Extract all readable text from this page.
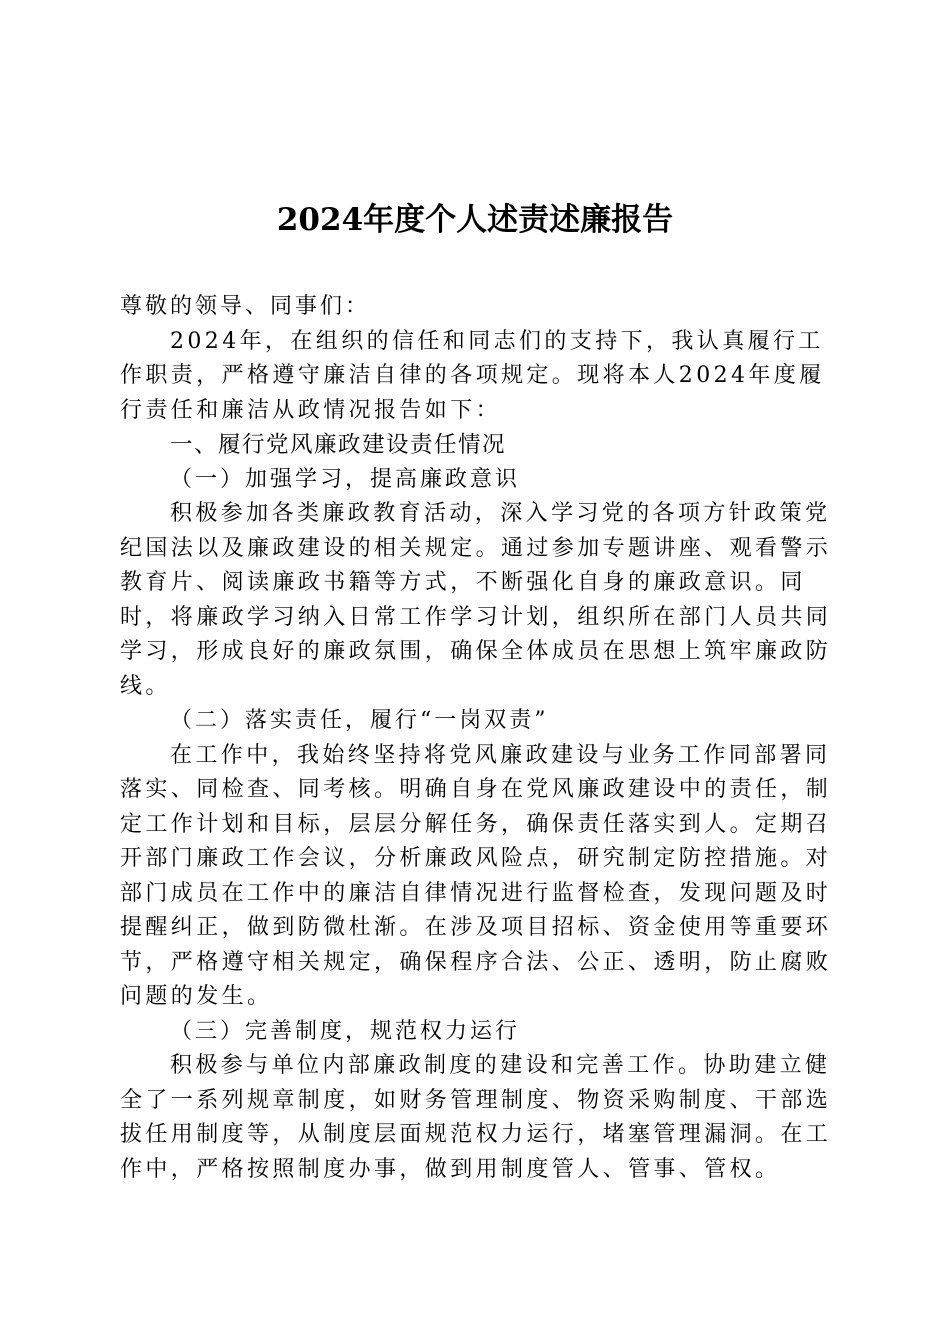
2024年度个人述责述廉报告

尊敬的领导、同事们：

2024年，在组织的信任和同志们的支持下，我认真履行工作职责，严格遵守廉洁自律的各项规定。现将本人2024年度履行责任和廉洁从政情况报告如下：

一、履行党风廉政建设责任情况

（一）加强学习，提高廉政意识

积极参加各类廉政教育活动，深入学习党的各项方针政策党纪国法以及廉政建设的相关规定。通过参加专题讲座、观看警示教育片、阅读廉政书籍等方式，不断强化自身的廉政意识。同时，将廉政学习纳入日常工作学习计划，组织所在部门人员共同学习，形成良好的廉政氛围，确保全体成员在思想上筑牢廉政防线。

（二）落实责任，履行“一岗双责”

在工作中，我始终坚持将党风廉政建设与业务工作同部署同落实、同检查、同考核。明确自身在党风廉政建设中的责任，制定工作计划和目标，层层分解任务，确保责任落实到人。定期召开部门廉政工作会议，分析廉政风险点，研究制定防控措施。对部门成员在工作中的廉洁自律情况进行监督检查，发现问题及时提醒纠正，做到防微杜渐。在涉及项目招标、资金使用等重要环节，严格遵守相关规定，确保程序合法、公正、透明，防止腐败问题的发生。

（三）完善制度，规范权力运行

积极参与单位内部廉政制度的建设和完善工作。协助建立健全了一系列规章制度，如财务管理制度、物资采购制度、干部选拔任用制度等，从制度层面规范权力运行，堵塞管理漏洞。在工作中，严格按照制度办事，做到用制度管人、管事、管权。
